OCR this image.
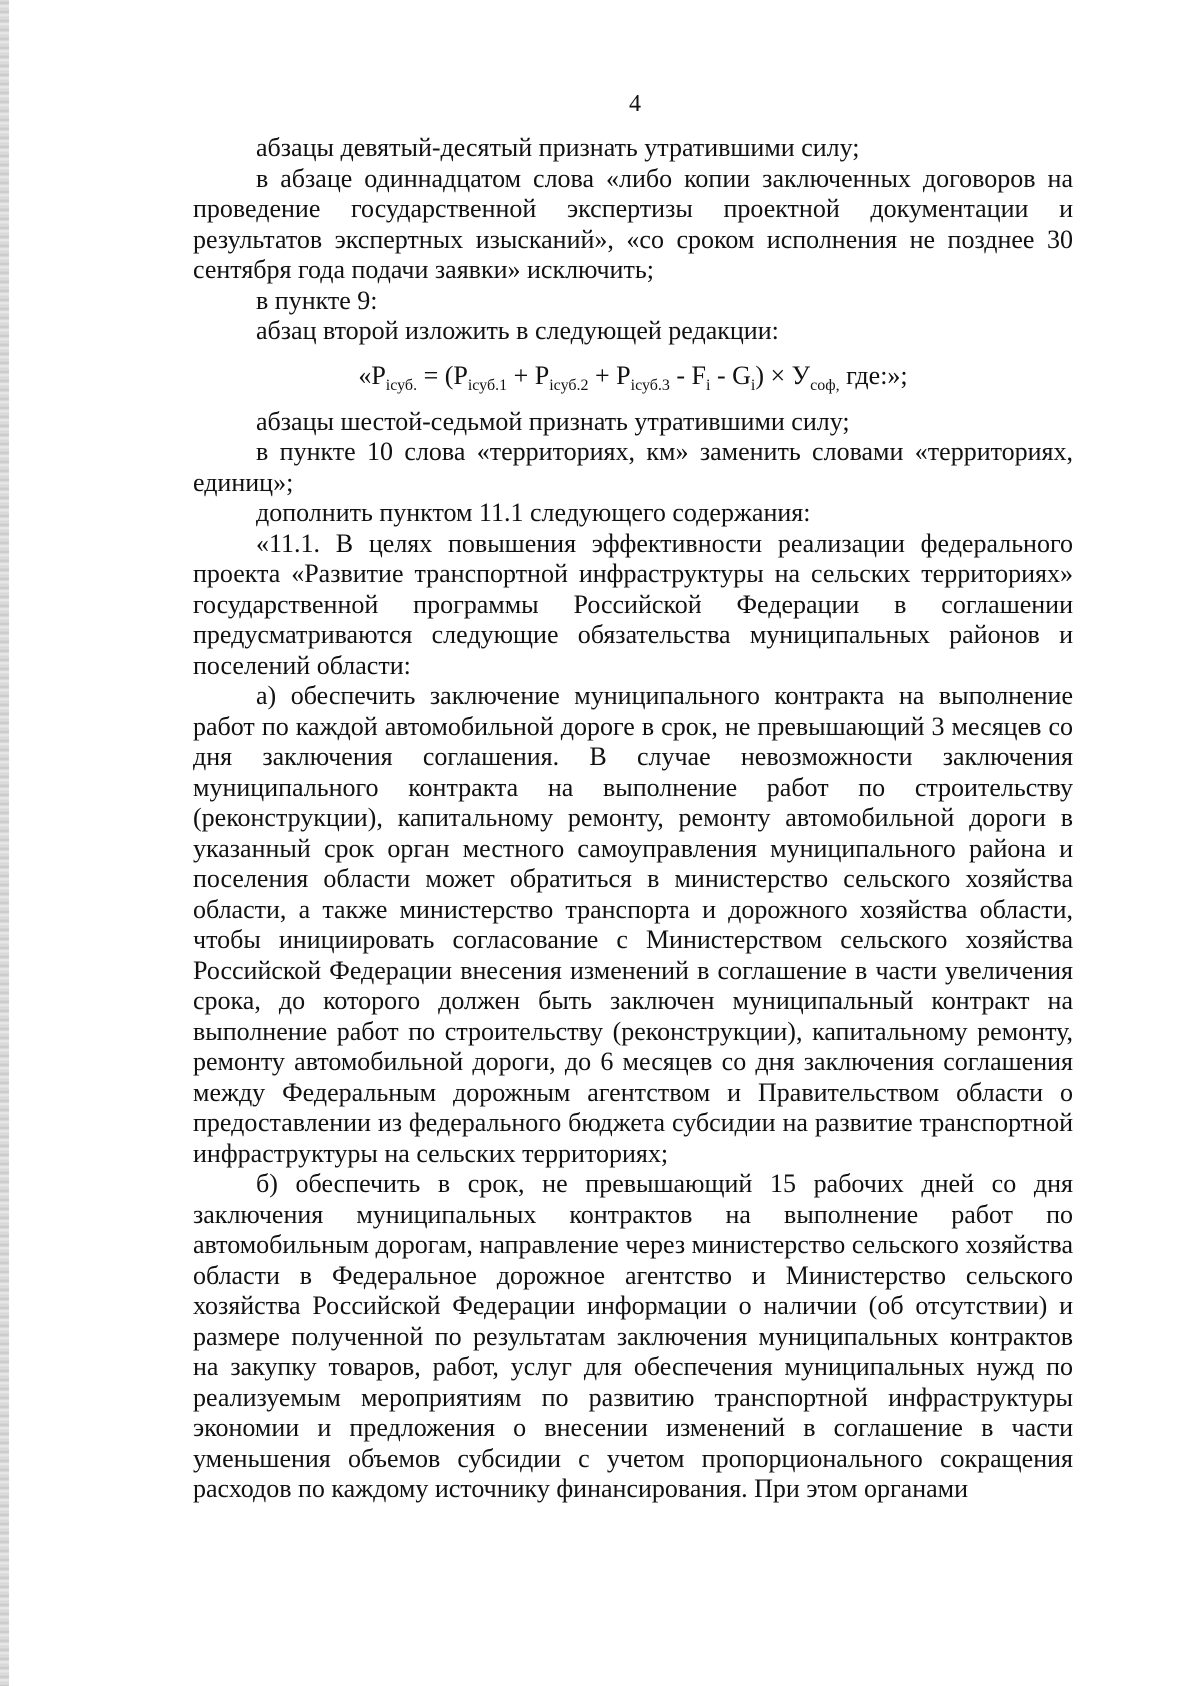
4

абзацы девятый-десятый признать утратившими силу;

в абзаце одиннадцатом слова «либо копии заключенных договоров на проведение государственной экспертизы проектной документации и результатов экспертных изысканий», «со сроком исполнения не позднее 30 сентября года подачи заявки» исключить;

в пункте 9:

абзац второй изложить в следующей редакции:

«$P_{iсуб.} = (P_{iсуб.1} + P_{iсуб.2} + P_{iсуб.3} - F_i - G_i) \times У_{соф,}$ где:»;

абзацы шестой-седьмой признать утратившими силу;

в пункте 10 слова «территориях, км» заменить словами «территориях, единиц»;

дополнить пунктом 11.1 следующего содержания:

«11.1. В целях повышения эффективности реализации федерального проекта «Развитие транспортной инфраструктуры на сельских территориях» государственной программы Российской Федерации в соглашении предусматриваются следующие обязательства муниципальных районов и поселений области:

а) обеспечить заключение муниципального контракта на выполнение работ по каждой автомобильной дороге в срок, не превышающий 3 месяцев со дня заключения соглашения. В случае невозможности заключения муниципального контракта на выполнение работ по строительству (реконструкции), капитальному ремонту, ремонту автомобильной дороги в указанный срок орган местного самоуправления муниципального района и поселения области может обратиться в министерство сельского хозяйства области, а также министерство транспорта и дорожного хозяйства области, чтобы инициировать согласование с Министерством сельского хозяйства Российской Федерации внесения изменений в соглашение в части увеличения срока, до которого должен быть заключен муниципальный контракт на выполнение работ по строительству (реконструкции), капитальному ремонту, ремонту автомобильной дороги, до 6 месяцев со дня заключения соглашения между Федеральным дорожным агентством и Правительством области о предоставлении из федерального бюджета субсидии на развитие транспортной инфраструктуры на сельских территориях;

б) обеспечить в срок, не превышающий 15 рабочих дней со дня заключения муниципальных контрактов на выполнение работ по автомобильным дорогам, направление через министерство сельского хозяйства области в Федеральное дорожное агентство и Министерство сельского хозяйства Российской Федерации информации о наличии (об отсутствии) и размере полученной по результатам заключения муниципальных контрактов на закупку товаров, работ, услуг для обеспечения муниципальных нужд по реализуемым мероприятиям по развитию транспортной инфраструктуры экономии и предложения о внесении изменений в соглашение в части уменьшения объемов субсидии с учетом пропорционального сокращения расходов по каждому источнику финансирования. При этом органами
